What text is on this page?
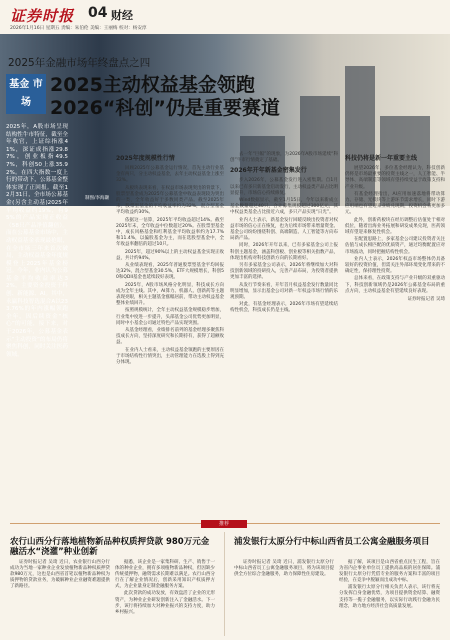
证券时报 04 财经
2026年1月16日 星期五 责编：朱伯伦 美编：王丽梅 校对：杨安淳
2025年金融市场年终盘点之四
基金 市场
2025主动权益基金领跑
2026“科创”仍是重要赛道
2025年，A股市场呈现结构性牛市特征，截至全年收官，上证综指涨41%，深证成指涨29.87%，创业板指49.57%，科创50上涨35.92%。在四大指数一度上行的带动下，公募基金整体实现了正回报。截至12月31日，全市场公募基金(另含主动基)2025年平均收益约19%，有95%的产品实现正收益（58只产品净值翻倍）。而在公募基金市场中，主动权益基金表现最抢眼，在全市场三年来首次破局，主动权益基金年度规模登上2025年基金榜冠。今年，业内认为公募基金平均收益率达32%，主要资金投资于科创、新能源、AI。其中，永赢科技智选混合A以233.76%的年内涨幅领跑全年，因后续资金“核心”的可能，接下来，对于2026年，公募基金表示“主动投资”的布局仍将聚焦科创，同时关注医药领域。
制图/李海灏
2025年度规模性行情
回顾2025年公募基金运行情况，首先主动行业基金有两只，分主动权益基金，去年主动权益基金上涨至32%。
从板块表现来看，在权益市场表现突出的背景下，股票型基金成为2025年公募基金中收益表现较为突出的一类，全年收益好于多数同类产品。截至2025年末，股票型基金的平均收益率约为32%，混合型基金平均收益约30%。
依据这一估算，2025年平均收益超过14%。截至2025年末，全年收益中位数超过20%。在股票型基金中，成长风格基金和红利基金平均收益率约为17.7%和11.4%，以偏股基金为主，而在选股型基金中，全年收益率翻倍的超过10只。
2025年，超过90%以上的主动权益基金实现正收益，共计约94%。
从业绩表现看，2025年普通股票型基金平均回报达32%，混合型基金30.5%，ETF大规模增长，科创50和QDII基金也延续较好表现。
2025年，A股市场风格分化明显，科技成长方向成为全年主线。其中，AI算力、机器人、创新药等主题表现亮眼，相关主题基金涨幅居前，带动主动权益基金整体业绩回升。
按照规模统计，全年主动权益基金规模稳步增加，行业集中度进一步提升，头部基金公司优势更加明显，同时中小基金公司通过特色产品实现突围。
从基金经理看，业绩排名前列的基金经理多聚焦科技成长方向，坚持深度研究和长期持有，获得了超额收益。
在业内人士看来，主动权益基金领跑的主要原因在于市场结构性行情突出，主动管理能力在选股上得到充分体现。
去一年“巨幅”的现象，为2026年A股市场延续“科创”牛市行情奠定了基础。
2026年开年新基金密集发行
步入2026年，公募基金发行进入密集期。自1月以来已有多只新基金启动发行，主动权益类产品占比明显提升，市场信心持续修复。
Wind数据显示，截至1月15日，今年以来新成立基金数量超过40只，合计募集规模超过300亿元，其中权益类基金占比接近六成，多只产品实现“日光”。
业内人士表示，新基金发行回暖反映出投资者对权益市场的信心正在恢复，也为后续市场带来增量资金。基金公司纷纷围绕科创、高端制造、人工智能等方向布局新产品。
同时，2026年开年以来，已有多家基金公司上报科创主题基金，涵盖科创板、创业板等相关指数产品，体现出机构对科技创新方向的长期看好。
另有多家基金公司表示，2026年将继续加大对科技创新领域的投研投入，完善产品布局，为投资者提供更加丰富的选择。
从发行节奏来看，开年首月权益基金发行数量同比明显增加，显示出基金公司对新一年权益市场行情的乐观预期。
对此，有基金经理表示，2026年市场有望延续结构性机会，科技成长仍是主线。
科技仍将是新一年重要主线
展望2026年，多位基金经理认为，科技创新仍将是市场最重要的投资主线之一，人工智能、半导体、高端制造等领域有望持续受益于政策支持和产业升级。
有基金经理指出，AI应用加速落地将带动算力、存储、光模块等上游环节需求增长，同时下游应用端也有望迎来业绩兑现期，投资机会将更加多元。
此外，创新药板块在经历调整后估值处于相对低位，随着出海业务拓展和研发成果兑现，医药领域有望迎来修复性机会。
在配置思路上，多家基金公司建议投资者关注估值与成长相匹配的优质资产，通过均衡配置应对市场波动，同时把握结构性机会。
业内人士表示，2026年权益市场整体仍具备较好的投资价值，但需关注外部环境变化带来的不确定性，保持理性投资。
总体来看，在政策支持与产业升级的双重驱动下，科技创新领域仍是2026年公募基金布局的重点方向，主动权益基金有望延续良好表现。
证券时报记者 吴琦
推荐
农行山西分行落地植物新品种权质押贷款 980万元金融活水“浇灌”种业创新
浦发银行太原分行中标山西省员工公寓金融服务项目
证券时报记者 吴琦 近日，农业银行山西分行成功为当地一家种业企业发放植物新品种权质押贷款980万元，这也是山西省首笔以植物新品种权为质押物的贷款业务，为破解种业企业融资难题提供了新路径。
据悉，该企业是一家集科研、生产、销售于一体的种业企业，拥有多项植物新品种权，但因缺少传统抵押物，融资需求长期难以满足。农行山西分行在了解企业情况后，创新采用知识产权质押方式，为企业量身定制金融服务方案。
此次贷款的成功发放，有效盘活了企业的无形资产，为种业企业研发创新注入了金融活水。下一步，该行将持续加大对种业振兴的支持力度，助力乡村振兴。
证券时报记者 吴琦 近日，浦发银行太原分行中标山西省员工公寓金融服务项目，将为该项目提供全方位综合金融服务，助力保障性住房建设。
据了解，该项目是山西省重点民生工程，旨在为省内企事业单位员工提供高品质的居住保障。浦发银行太原分行凭借专业的服务方案和丰富的项目经验，在竞争中脱颖而出成功中标。
浦发银行太原分行相关负责人表示，该行将充分发挥自身金融优势，为项目提供资金结算、融资支持等一揽子金融服务，以实际行动践行金融为民理念，助力地方经济社会高质量发展。
